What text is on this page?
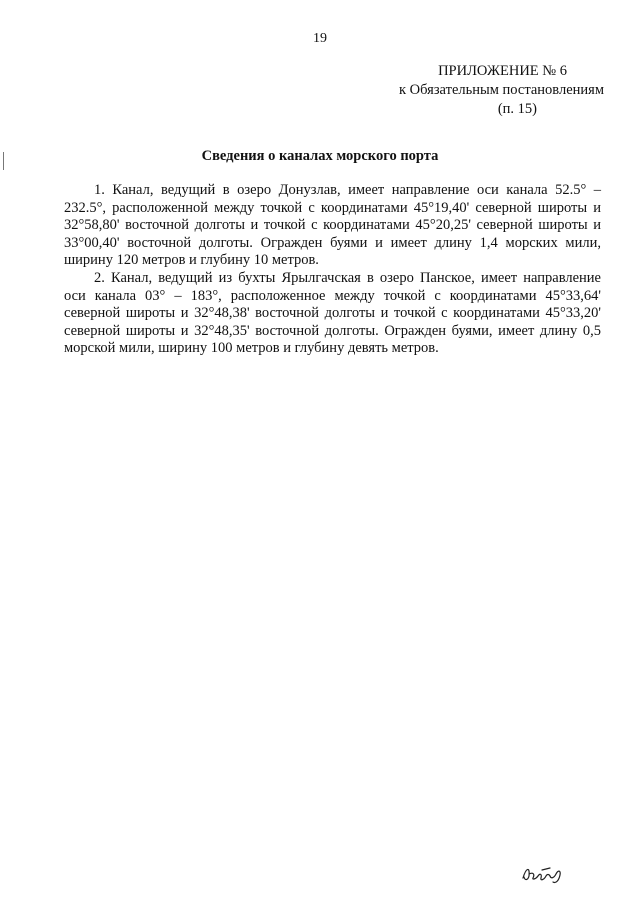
19
ПРИЛОЖЕНИЕ № 6
к Обязательным постановлениям
(п. 15)
Сведения о каналах морского порта

1. Канал, ведущий в озеро Донузлав, имеет направление оси канала 52.5° – 232.5°, расположенной между точкой с координатами 45°19,40' северной широты и 32°58,80' восточной долготы и точкой с координатами 45°20,25' северной широты и 33°00,40' восточной долготы. Огражден буями и имеет длину 1,4 морских мили, ширину 120 метров и глубину 10 метров.

2. Канал, ведущий из бухты Ярылгачская в озеро Панское, имеет направление оси канала 03° – 183°, расположенное между точкой с координатами 45°33,64' северной широты и 32°48,38' восточной долготы и точкой с координатами 45°33,20' северной широты и 32°48,35' восточной долготы. Огражден буями, имеет длину 0,5 морской мили, ширину 100 метров и глубину девять метров.
